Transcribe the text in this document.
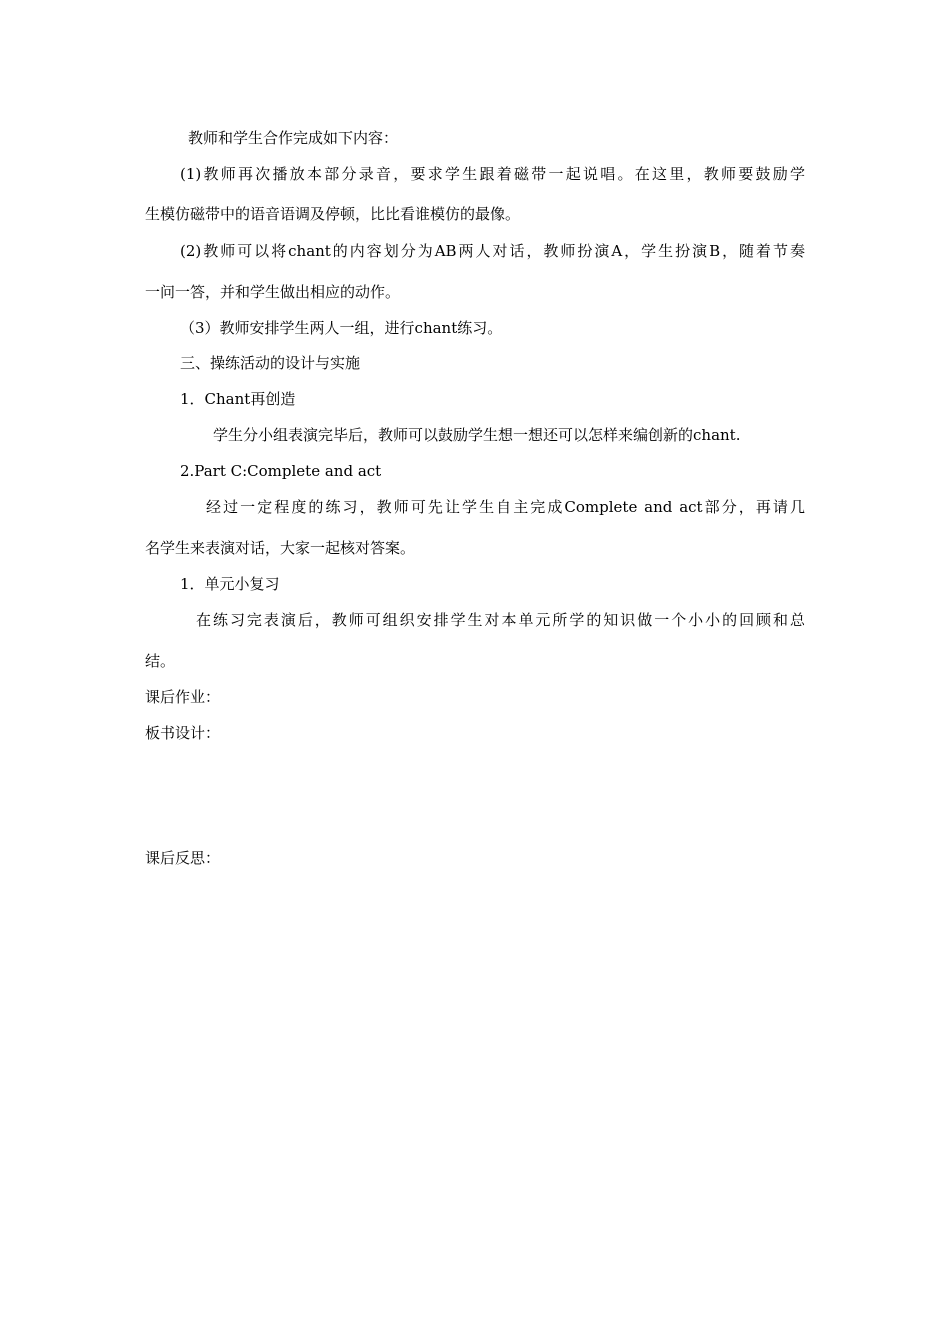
教师和学生合作完成如下内容：
(1)教师再次播放本部分录音，要求学生跟着磁带一起说唱。在这里，教师要鼓励学
生模仿磁带中的语音语调及停顿，比比看谁模仿的最像。
(2)教师可以将chant的内容划分为AB两人对话，教师扮演A，学生扮演B，随着节奏
一问一答，并和学生做出相应的动作。
（3）教师安排学生两人一组，进行chant练习。
三、操练活动的设计与实施
1．Chant再创造
学生分小组表演完毕后，教师可以鼓励学生想一想还可以怎样来编创新的chant.
2.Part C:Complete and act
经过一定程度的练习，教师可先让学生自主完成Complete and act部分，再请几
名学生来表演对话，大家一起核对答案。
1．单元小复习
在练习完表演后，教师可组织安排学生对本单元所学的知识做一个小小的回顾和总
结。
课后作业：
板书设计：
课后反思：
